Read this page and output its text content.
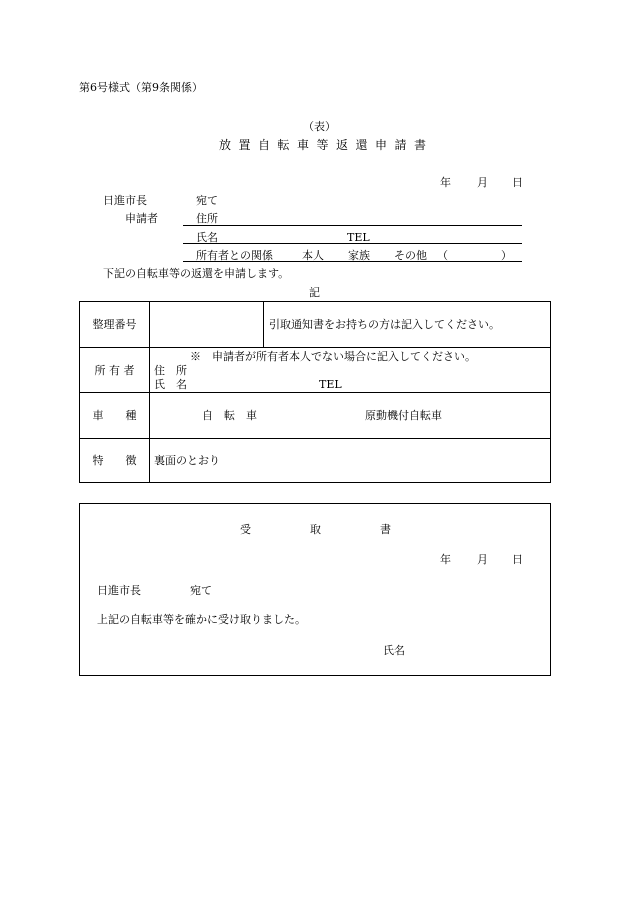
第6号様式（第9条関係）
（表）
放置自転車等返還申請書
年 月 日
日進市長	宛て
申請者	住所
氏名	TEL
所有者との関係	本人 家族 その他 （	）
下記の自転車等の返還を申請します。
記
整理番号		引取通知書をお持ちの方は記入してください。
所 有 者	※　申請者が所有者本人でない場合に記入してください。
住　所
氏　名 TEL	

車　　種	自　転　車 原動機付自転車	

特　　徴	裏面のとおり	
受	取	書
年 月 日
日進市長	宛て
上記の自転車等を確かに受け取りました。
氏名
